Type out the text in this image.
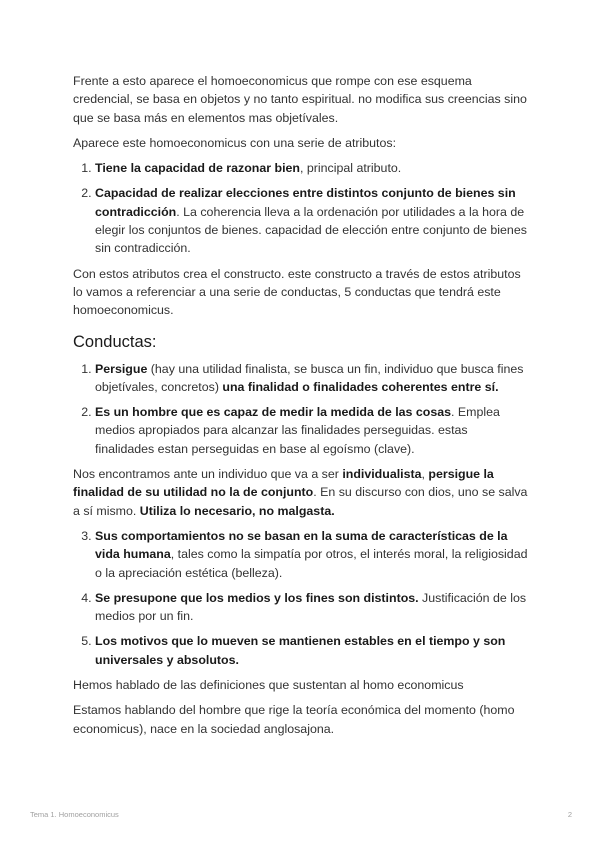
Frente a esto aparece el homoeconomicus que rompe con ese esquema credencial, se basa en objetos y no tanto espiritual. no modifica sus creencias sino que se basa más en elementos mas objetívales.

Aparece este homoeconomicus con una serie de atributos:

1. Tiene la capacidad de razonar bien, principal atributo.
2. Capacidad de realizar elecciones entre distintos conjunto de bienes sin contradicción. La coherencia lleva a la ordenación por utilidades a la hora de elegir los conjuntos de bienes. capacidad de elección entre conjunto de bienes sin contradicción.

Con estos atributos crea el constructo. este constructo a través de estos atributos lo vamos a referenciar a una serie de conductas, 5 conductas que tendrá este homoeconomicus.

Conductas:
1. Persigue (hay una utilidad finalista, se busca un fin, individuo que busca fines objetívales, concretos) una finalidad o finalidades coherentes entre sí.
2. Es un hombre que es capaz de medir la medida de las cosas. Emplea medios apropiados para alcanzar las finalidades perseguidas. estas finalidades estan perseguidas en base al egoísmo (clave).

Nos encontramos ante un individuo que va a ser individualista, persigue la finalidad de su utilidad no la de conjunto. En su discurso con dios, uno se salva a sí mismo. Utiliza lo necesario, no malgasta.

3. Sus comportamientos no se basan en la suma de características de la vida humana, tales como la simpatía por otros, el interés moral, la religiosidad o la apreciación estética (belleza).
4. Se presupone que los medios y los fines son distintos. Justificación de los medios por un fin.
5. Los motivos que lo mueven se mantienen estables en el tiempo y son universales y absolutos.

Hemos hablado de las definiciones que sustentan al homo economicus

Estamos hablando del hombre que rige la teoría económica del momento (homo economicus), nace en la sociedad anglosajona.

Tema 1. Homoeconomicus	2
